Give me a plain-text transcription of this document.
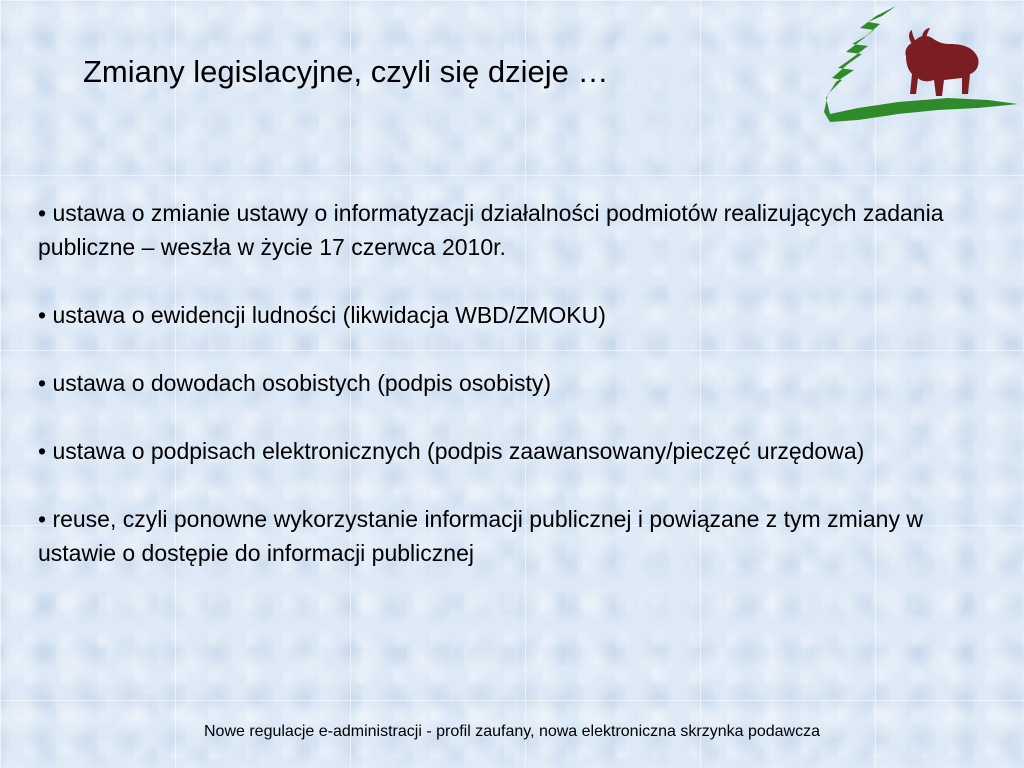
Zmiany legislacyjne, czyli się dzieje …
• ustawa o zmianie ustawy o informatyzacji działalności podmiotów realizujących zadania publiczne – weszła w życie 17 czerwca 2010r.
• ustawa o ewidencji ludności (likwidacja WBD/ZMOKU)
• ustawa o dowodach osobistych (podpis osobisty)
• ustawa o podpisach elektronicznych (podpis zaawansowany/pieczęć urzędowa)
• reuse, czyli ponowne wykorzystanie informacji publicznej i powiązane z tym zmiany w ustawie o dostępie do informacji publicznej
Nowe regulacje e-administracji - profil zaufany, nowa elektroniczna skrzynka podawcza
